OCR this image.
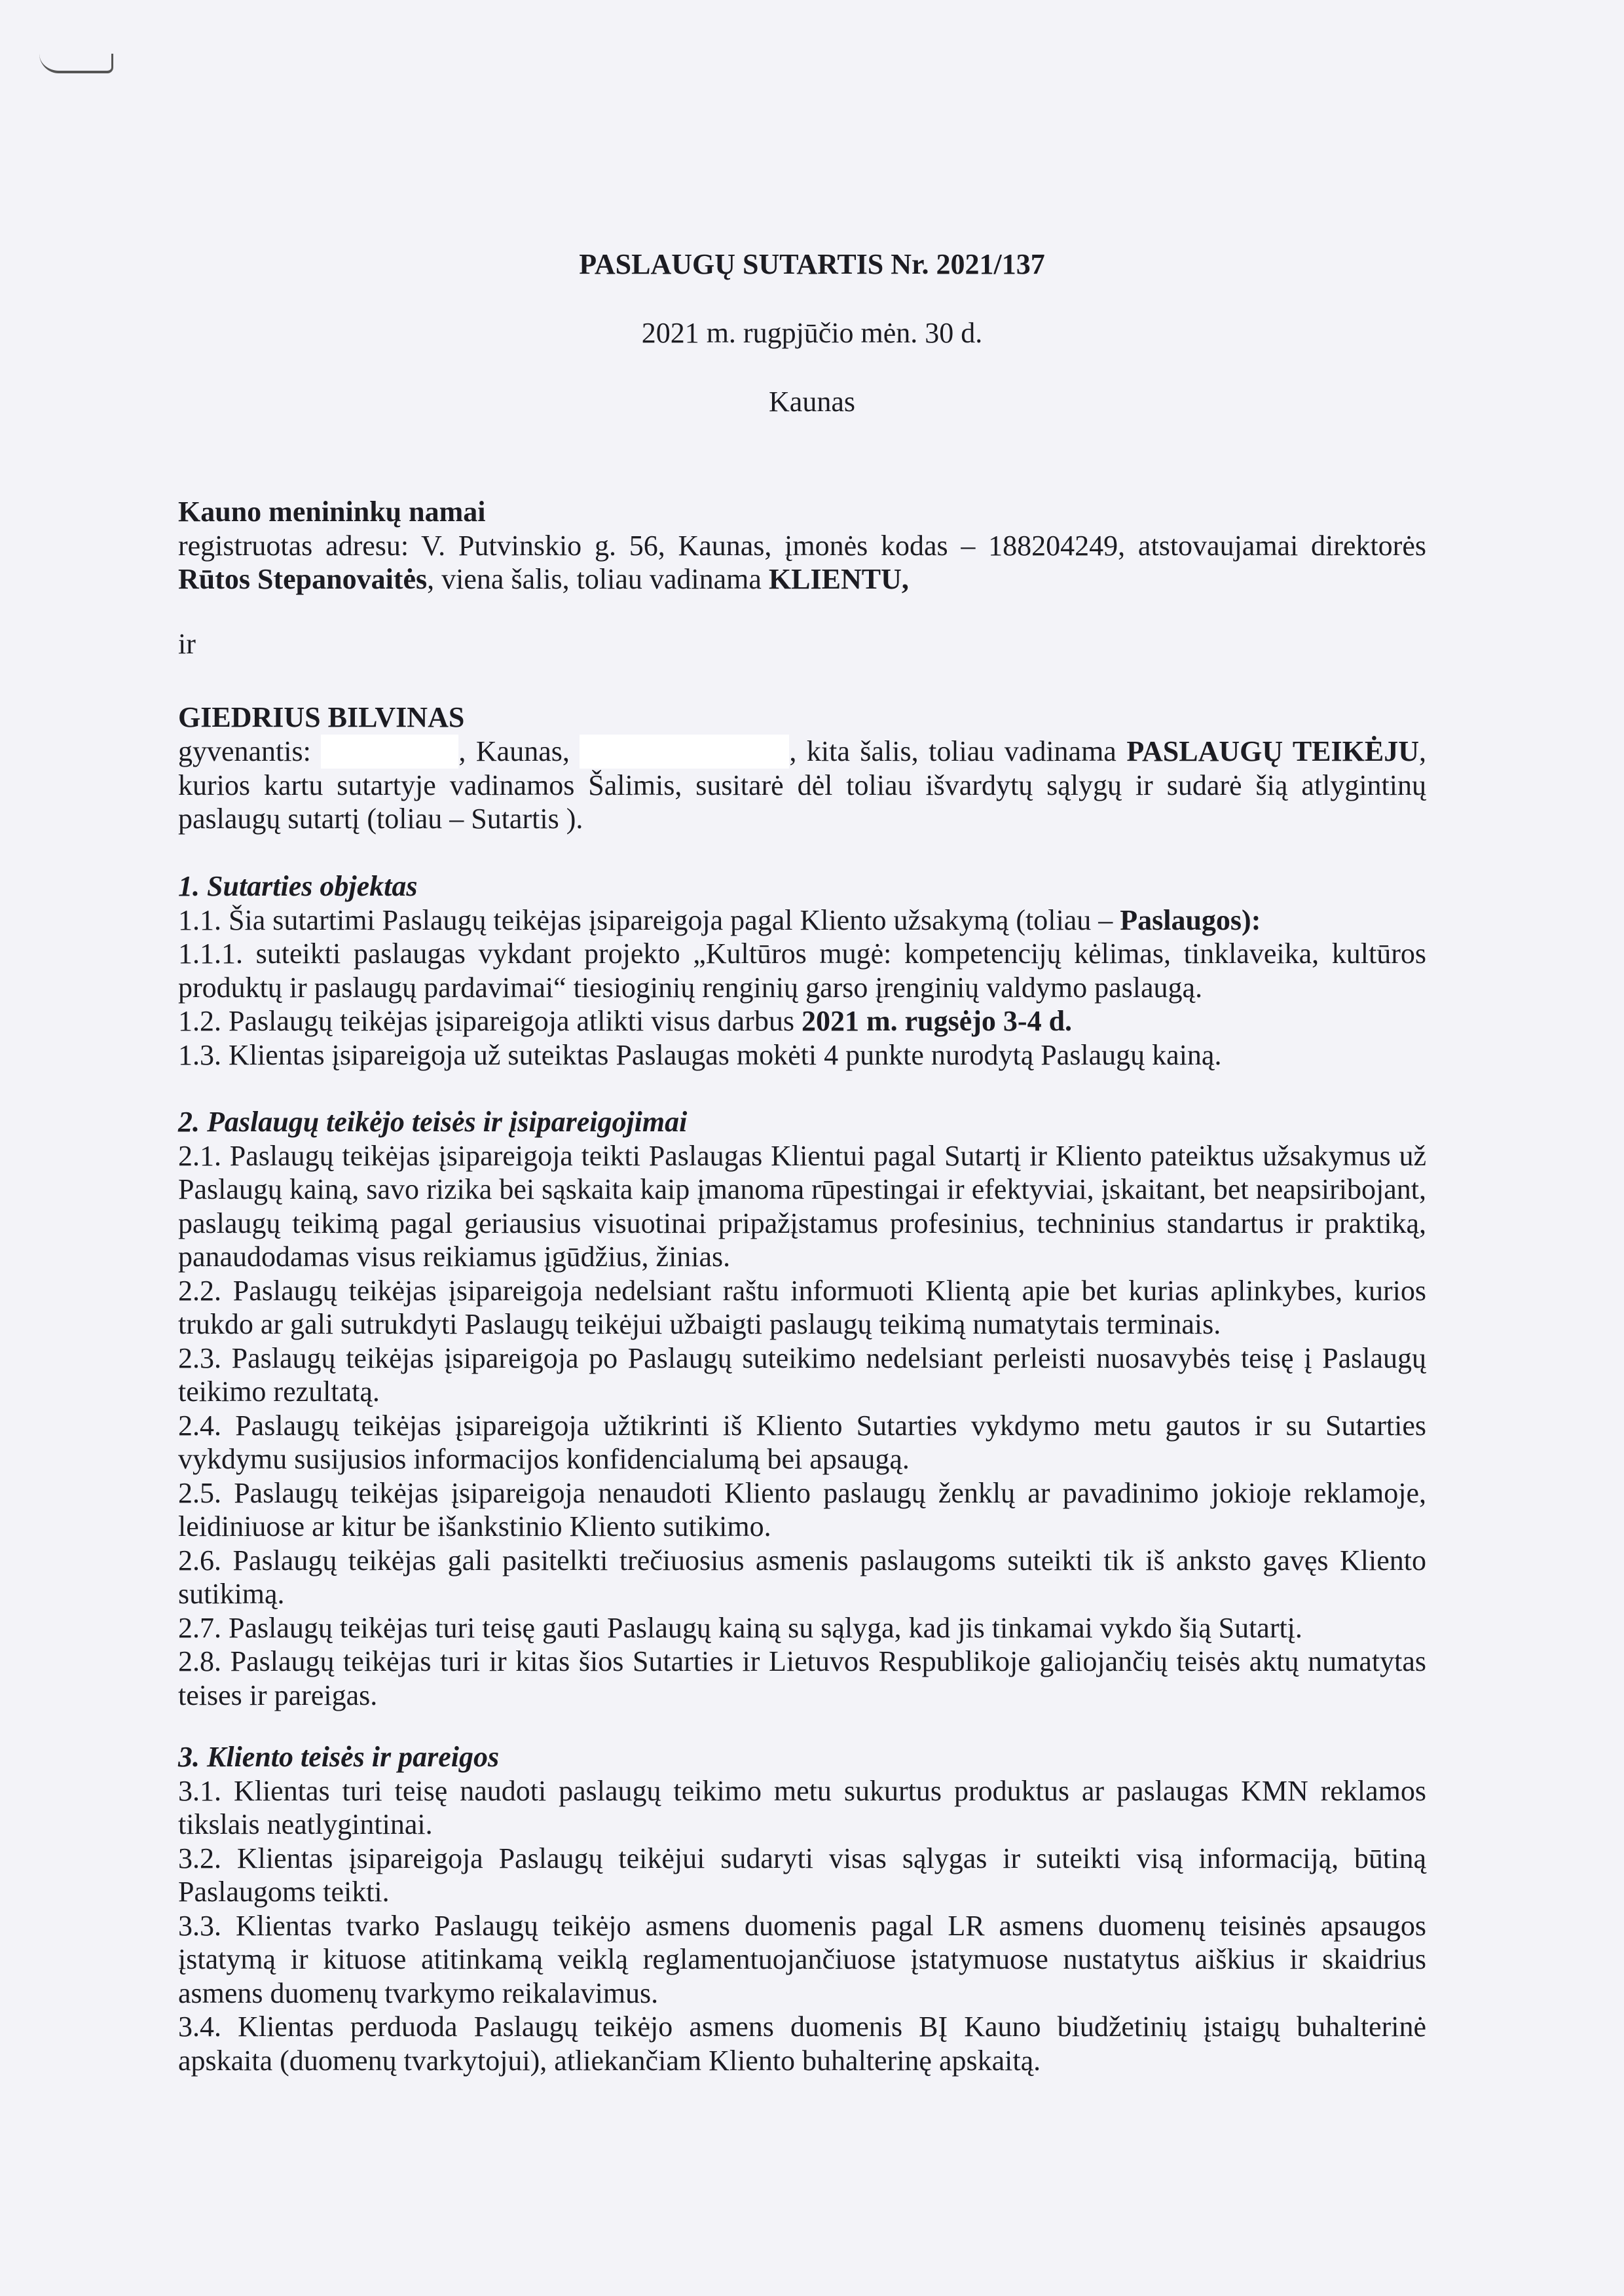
PASLAUGŲ SUTARTIS Nr. 2021/137
2021 m. rugpjūčio mėn. 30 d.
Kaunas

Kauno menininkų namai

registruotas adresu: V. Putvinskio g. 56, Kaunas, įmonės kodas – 188204249, atstovaujamai direktorės Rūtos Stepanovaitės, viena šalis, toliau vadinama KLIENTU,

ir

GIEDRIUS BILVINAS

gyvenantis:	, Kaunas,	, kita šalis, toliau vadinama PASLAUGŲ TEIKĖJU, kurios kartu sutartyje vadinamos Šalimis, susitarė dėl toliau išvardytų sąlygų ir sudarė šią atlygintinų paslaugų sutartį (toliau – Sutartis ).

1. Sutarties objektas

1.1. Šia sutartimi Paslaugų teikėjas įsipareigoja pagal Kliento užsakymą (toliau – Paslaugos):

1.1.1. suteikti paslaugas vykdant projekto „Kultūros mugė: kompetencijų kėlimas, tinklaveika, kultūros produktų ir paslaugų pardavimai“ tiesioginių renginių garso įrenginių valdymo paslaugą.

1.2. Paslaugų teikėjas įsipareigoja atlikti visus darbus 2021 m. rugsėjo 3-4 d.

1.3. Klientas įsipareigoja už suteiktas Paslaugas mokėti 4 punkte nurodytą Paslaugų kainą.

2. Paslaugų teikėjo teisės ir įsipareigojimai

2.1. Paslaugų teikėjas įsipareigoja teikti Paslaugas Klientui pagal Sutartį ir Kliento pateiktus užsakymus už Paslaugų kainą, savo rizika bei sąskaita kaip įmanoma rūpestingai ir efektyviai, įskaitant, bet neapsiribojant, paslaugų teikimą pagal geriausius visuotinai pripažįstamus profesinius, techninius standartus ir praktiką, panaudodamas visus reikiamus įgūdžius, žinias.

2.2. Paslaugų teikėjas įsipareigoja nedelsiant raštu informuoti Klientą apie bet kurias aplinkybes, kurios trukdo ar gali sutrukdyti Paslaugų teikėjui užbaigti paslaugų teikimą numatytais terminais.

2.3. Paslaugų teikėjas įsipareigoja po Paslaugų suteikimo nedelsiant perleisti nuosavybės teisę į Paslaugų teikimo rezultatą.

2.4. Paslaugų teikėjas įsipareigoja užtikrinti iš Kliento Sutarties vykdymo metu gautos ir su Sutarties vykdymu susijusios informacijos konfidencialumą bei apsaugą.

2.5. Paslaugų teikėjas įsipareigoja nenaudoti Kliento paslaugų ženklų ar pavadinimo jokioje reklamoje, leidiniuose ar kitur be išankstinio Kliento sutikimo.

2.6. Paslaugų teikėjas gali pasitelkti trečiuosius asmenis paslaugoms suteikti tik iš anksto gavęs Kliento sutikimą.

2.7. Paslaugų teikėjas turi teisę gauti Paslaugų kainą su sąlyga, kad jis tinkamai vykdo šią Sutartį.

2.8. Paslaugų teikėjas turi ir kitas šios Sutarties ir Lietuvos Respublikoje galiojančių teisės aktų numatytas teises ir pareigas.

3. Kliento teisės ir pareigos

3.1. Klientas turi teisę naudoti paslaugų teikimo metu sukurtus produktus ar paslaugas KMN reklamos tikslais neatlygintinai.

3.2. Klientas įsipareigoja Paslaugų teikėjui sudaryti visas sąlygas ir suteikti visą informaciją, būtiną Paslaugoms teikti.

3.3. Klientas tvarko Paslaugų teikėjo asmens duomenis pagal LR asmens duomenų teisinės apsaugos įstatymą ir kituose atitinkamą veiklą reglamentuojančiuose įstatymuose nustatytus aiškius ir skaidrius asmens duomenų tvarkymo reikalavimus.

3.4. Klientas perduoda Paslaugų teikėjo asmens duomenis BĮ Kauno biudžetinių įstaigų buhalterinė apskaita (duomenų tvarkytojui), atliekančiam Kliento buhalterinę apskaitą.
